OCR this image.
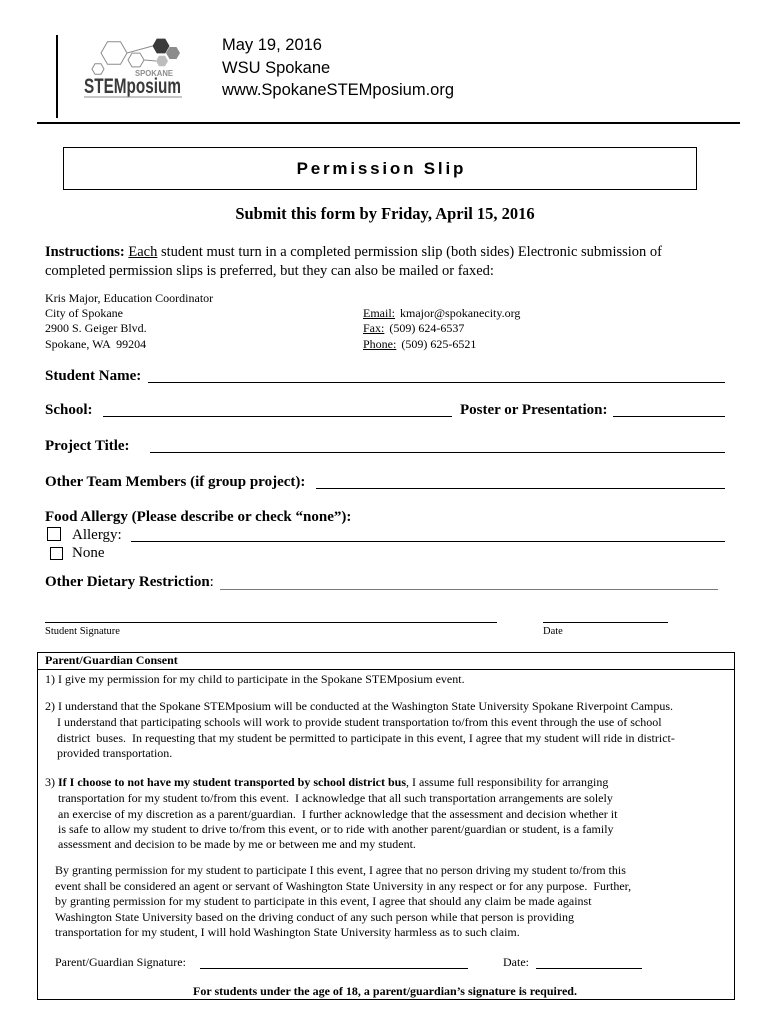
SPOKANE
STEMposium
May 19, 2016
WSU Spokane
www.SpokaneSTEMposium.org
Permission Slip
Submit this form by Friday, April 15, 2016
Instructions: Each student must turn in a completed permission slip (both sides) Electronic submission of
completed permission slips is preferred, but they can also be mailed or faxed:
Kris Major, Education Coordinator
City of Spokane
2900 S. Geiger Blvd.
Spokane, WA  99204
Email: kmajor@spokanecity.org
Fax: (509) 624-6537
Phone: (509) 625-6521
Student Name:
School:	Poster or Presentation:
Project Title:
Other Team Members (if group project):
Food Allergy (Please describe or check “none”):
Allergy:
None
Other Dietary Restriction:
Student Signature	Date
Parent/Guardian Consent
1) I give my permission for my child to participate in the Spokane STEMposium event.
2) I understand that the Spokane STEMposium will be conducted at the Washington State University Spokane Riverpoint Campus.
I understand that participating schools will work to provide student transportation to/from this event through the use of school
district  buses.  In requesting that my student be permitted to participate in this event, I agree that my student will ride in district-
provided transportation.
3) If I choose to not have my student transported by school district bus, I assume full responsibility for arranging
transportation for my student to/from this event.  I acknowledge that all such transportation arrangements are solely
an exercise of my discretion as a parent/guardian.  I further acknowledge that the assessment and decision whether it
is safe to allow my student to drive to/from this event, or to ride with another parent/guardian or student, is a family
assessment and decision to be made by me or between me and my student.
By granting permission for my student to participate I this event, I agree that no person driving my student to/from this
event shall be considered an agent or servant of Washington State University in any respect or for any purpose.  Further,
by granting permission for my student to participate in this event, I agree that should any claim be made against
Washington State University based on the driving conduct of any such person while that person is providing
transportation for my student, I will hold Washington State University harmless as to such claim.
Parent/Guardian Signature:	Date:
For students under the age of 18, a parent/guardian’s signature is required.
